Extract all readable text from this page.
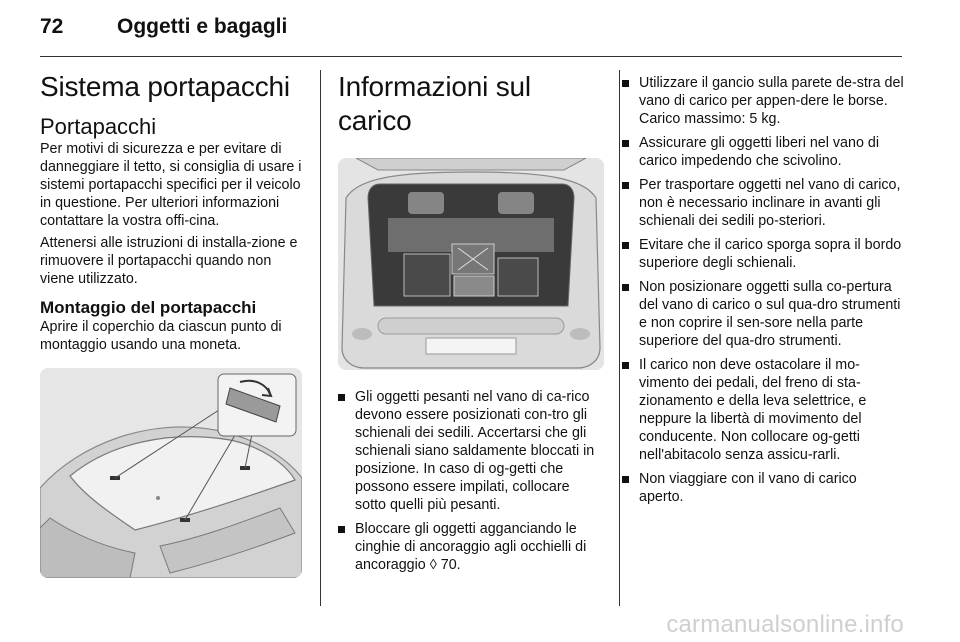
72	Oggetti e bagagli
Sistema portapacchi
Portapacchi

Per motivi di sicurezza e per evitare di danneggiare il tetto, si consiglia di usare i sistemi portapacchi specifici per il veicolo in questione. Per ulteriori informazioni contattare la vostra offi-cina.

Attenersi alle istruzioni di installa-zione e rimuovere il portapacchi quando non viene utilizzato.

Montaggio del portapacchi

Aprire il coperchio da ciascun punto di montaggio usando una moneta.

Informazioni sul carico
Gli oggetti pesanti nel vano di ca-rico devono essere posizionati con-tro gli schienali dei sedili. Accertarsi che gli schienali siano saldamente bloccati in posizione. In caso di og-getti che possono essere impilati, collocare sotto quelli più pesanti.
Bloccare gli oggetti agganciando le cinghie di ancoraggio agli occhielli di ancoraggio ◊ 70.
Utilizzare il gancio sulla parete de-stra del vano di carico per appen-dere le borse. Carico massimo: 5 kg.
Assicurare gli oggetti liberi nel vano di carico impedendo che scivolino.
Per trasportare oggetti nel vano di carico, non è necessario inclinare in avanti gli schienali dei sedili po-steriori.
Evitare che il carico sporga sopra il bordo superiore degli schienali.
Non posizionare oggetti sulla co-pertura del vano di carico o sul qua-dro strumenti e non coprire il sen-sore nella parte superiore del qua-dro strumenti.
Il carico non deve ostacolare il mo-vimento dei pedali, del freno di sta-zionamento e della leva selettrice, e neppure la libertà di movimento del conducente. Non collocare og-getti nell'abitacolo senza assicu-rarli.
Non viaggiare con il vano di carico aperto.
carmanualsonline.info
